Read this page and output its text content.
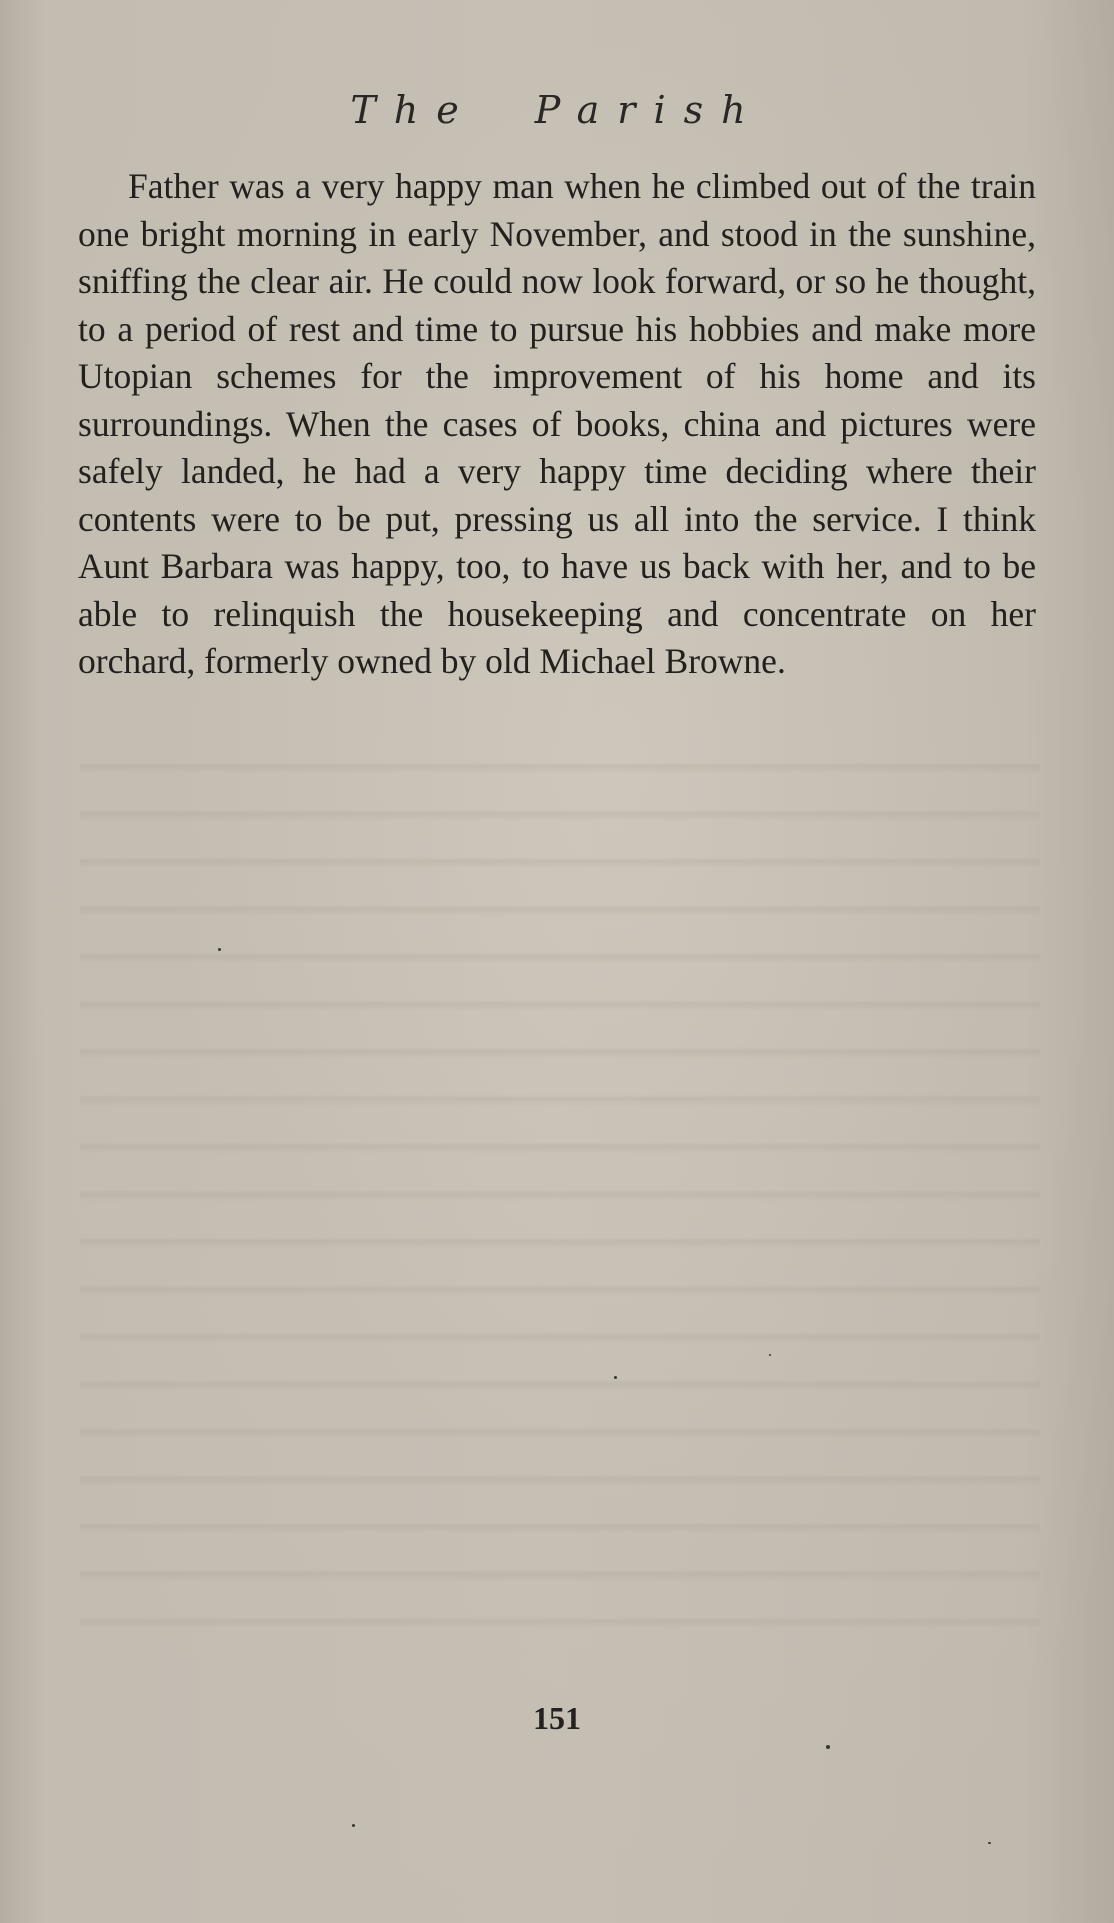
The Parish

Father was a very happy man when he climbed out of the train one bright morning in early November, and stood in the sunshine, sniffing the clear air. He could now look forward, or so he thought, to a period of rest and time to pursue his hobbies and make more Utopian schemes for the improvement of his home and its surroundings. When the cases of books, china and pictures were safely landed, he had a very happy time deciding where their contents were to be put, pressing us all into the service. I think Aunt Barbara was happy, too, to have us back with her, and to be able to relinquish the housekeeping and concentrate on her orchard, formerly owned by old Michael Browne.

151
